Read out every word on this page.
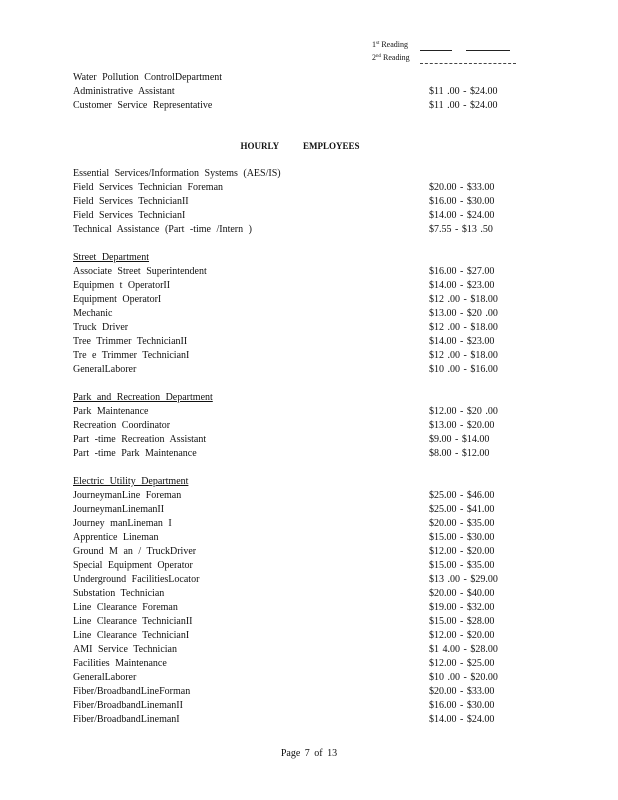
1st Reading
2nd Reading
Water Pollution ControlDepartment
Administrative Assistant	$11 .00 - $24.00
Customer Service Representative	$11 .00 - $24.00
HOURLY EMPLOYEES
Essential Services/Information Systems (AES/IS)
Field Services Technician Foreman	$20.00 - $33.00
Field Services TechnicianII	$16.00 - $30.00
Field Services TechnicianI	$14.00 - $24.00
Technical Assistance (Part -time /Intern )	$7.55 - $13 .50
Street Department
Associate Street Superintendent	$16.00 - $27.00
Equipmen t OperatorII	$14.00 - $23.00
Equipment OperatorI	$12 .00 - $18.00
Mechanic	$13.00 - $20 .00
Truck Driver	$12 .00 - $18.00
Tree Trimmer TechnicianII	$14.00 - $23.00
Tre e Trimmer TechnicianI	$12 .00 - $18.00
GeneralLaborer	$10 .00 - $16.00
Park and Recreation Department
Park Maintenance	$12.00 - $20 .00
Recreation Coordinator	$13.00 - $20.00
Part -time Recreation Assistant	$9.00 - $14.00
Part -time Park Maintenance	$8.00 - $12.00
Electric Utility Department
JourneymanLine Foreman	$25.00 - $46.00
JourneymanLinemanII	$25.00 - $41.00
Journey manLineman I	$20.00 - $35.00
Apprentice Lineman	$15.00 - $30.00
Ground M an / TruckDriver	$12.00 - $20.00
Special Equipment Operator	$15.00 - $35.00
Underground FacilitiesLocator	$13 .00 - $29.00
Substation Technician	$20.00 - $40.00
Line Clearance Foreman	$19.00 - $32.00
Line Clearance TechnicianII	$15.00 - $28.00
Line Clearance TechnicianI	$12.00 - $20.00
AMI Service Technician	$1 4.00 - $28.00
Facilities Maintenance	$12.00 - $25.00
GeneralLaborer	$10 .00 - $20.00
Fiber/BroadbandLineForman	$20.00 - $33.00
Fiber/BroadbandLinemanII	$16.00 - $30.00
Fiber/BroadbandLinemanI	$14.00 - $24.00
Page 7 of 13
